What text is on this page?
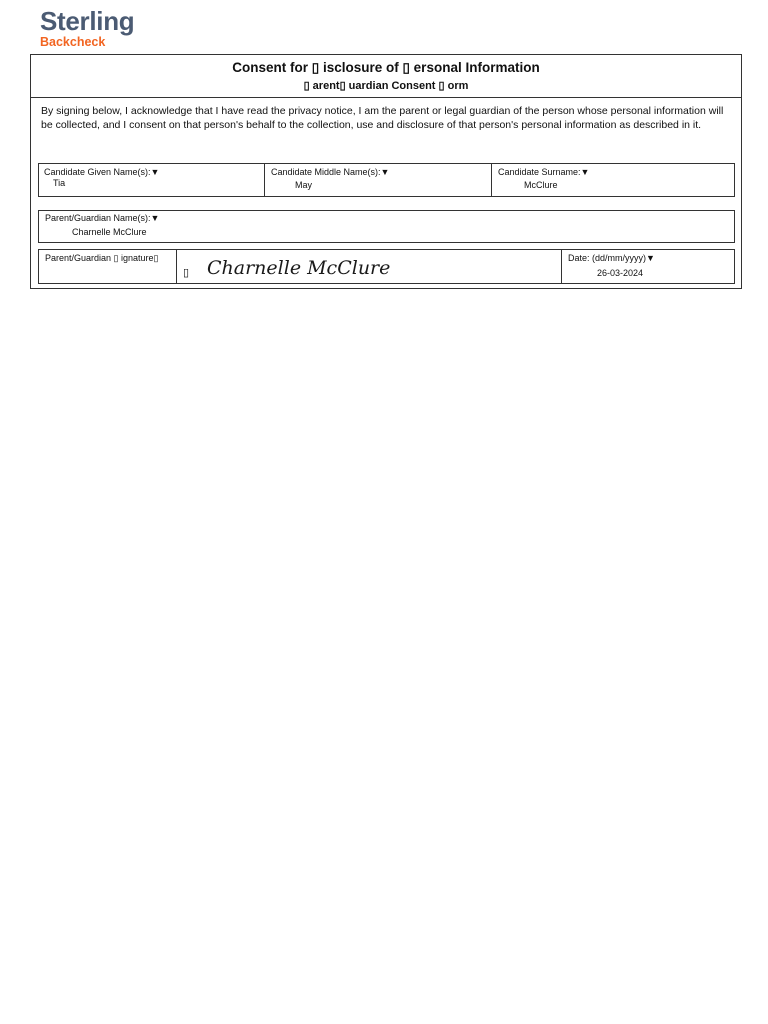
Sterling
Backcheck
Consent for ▯ isclosure of ▯ ersonal Information
▯ arent▯ uardian Consent ▯ orm
By signing below, I acknowledge that I have read the privacy notice, I am the parent or legal guardian of the person whose personal information will be collected, and I consent on that person's behalf to the collection, use and disclosure of that person's personal information as described in it.
Candidate Given Name(s):▼
Tia
Candidate Middle Name(s):▼
May
Candidate Surname:▼
McClure
Parent/Guardian Name(s):▼
Charnelle McClure
Parent/Guardian ▯ ignature▯
▯ Charnelle McClure	Date: (dd/mm/yyyy)▼
26-03-2024
